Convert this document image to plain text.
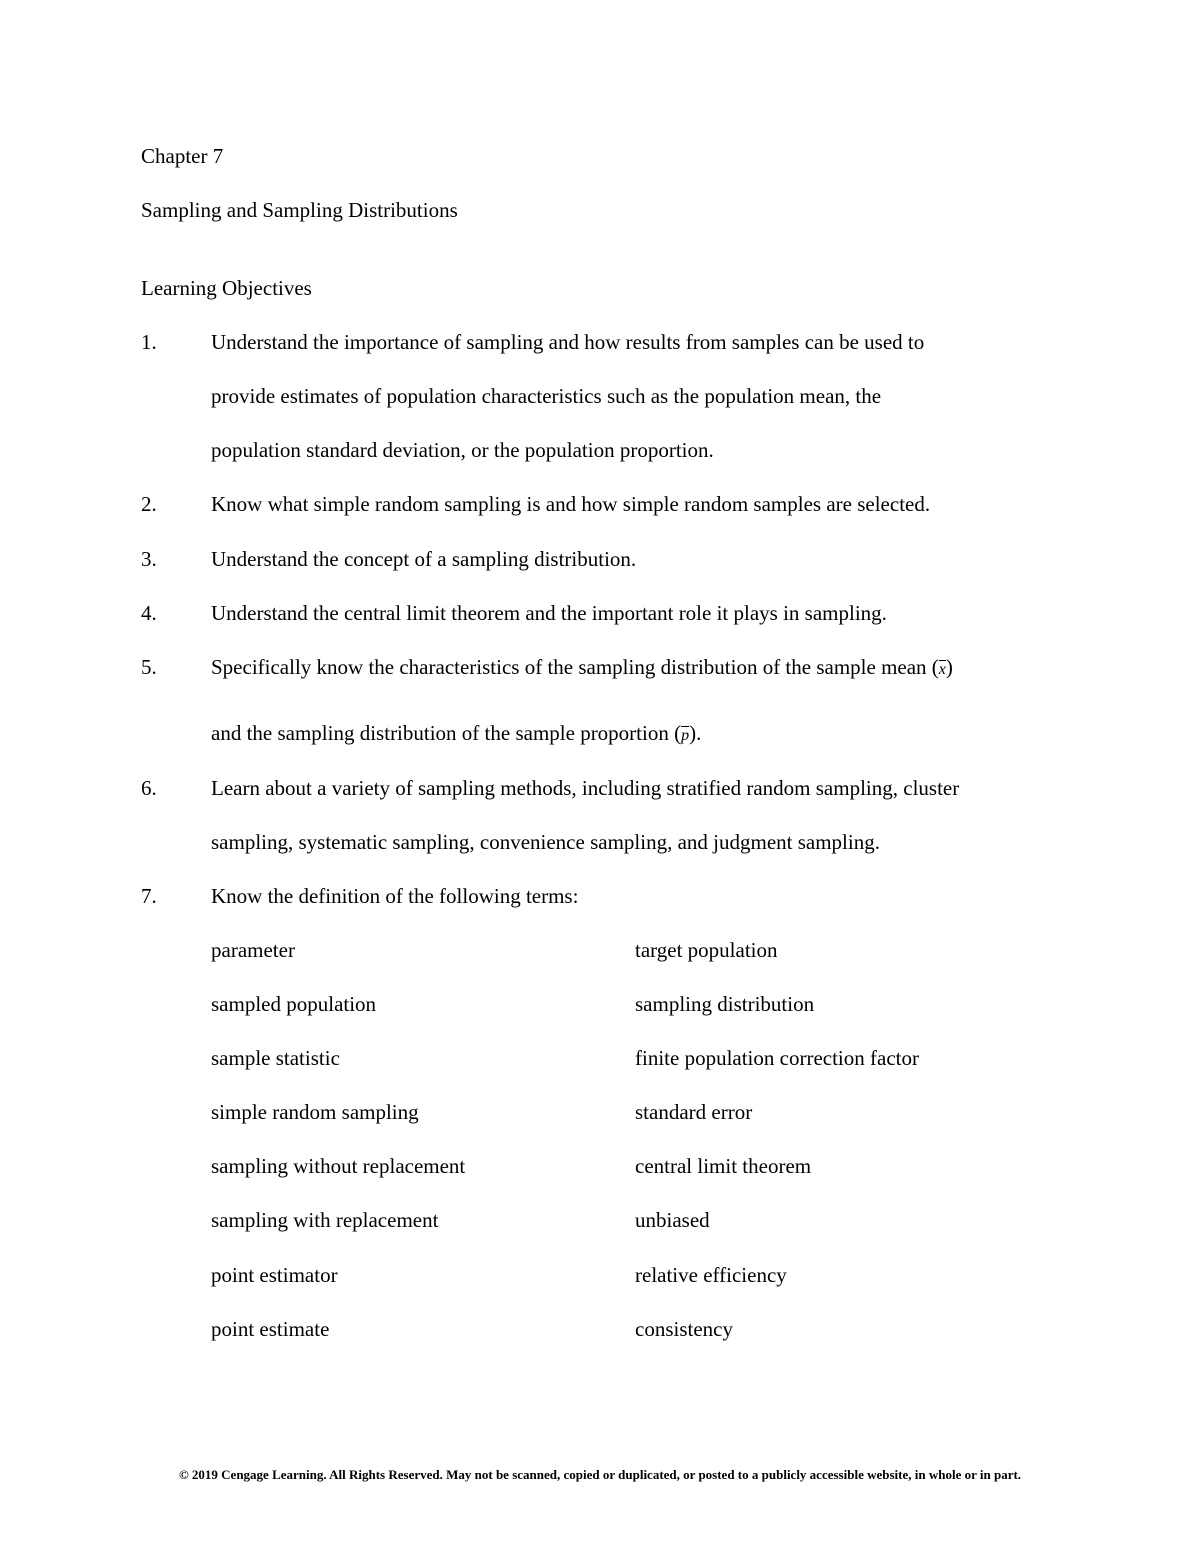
Chapter 7
Sampling and Sampling Distributions
Learning Objectives
1.	Understand the importance of sampling and how results from samples can be used to
provide estimates of population characteristics such as the population mean, the
population standard deviation, or the population proportion.
2.	Know what simple random sampling is and how simple random samples are selected.
3.	Understand the concept of a sampling distribution.
4.	Understand the central limit theorem and the important role it plays in sampling.
5.	Specifically know the characteristics of the sampling distribution of the sample mean $(\overline{x})$
and the sampling distribution of the sample proportion $(\overline{p})$.
6.	Learn about a variety of sampling methods, including stratified random sampling, cluster
sampling, systematic sampling, convenience sampling, and judgment sampling.
7.	Know the definition of the following terms:
parameter	target population
sampled population	sampling distribution
sample statistic	finite population correction factor
simple random sampling	standard error
sampling without replacement	central limit theorem
sampling with replacement	unbiased
point estimator	relative efficiency
point estimate	consistency
© 2019 Cengage Learning. All Rights Reserved. May not be scanned, copied or duplicated, or posted to a publicly accessible website, in whole or in part.
